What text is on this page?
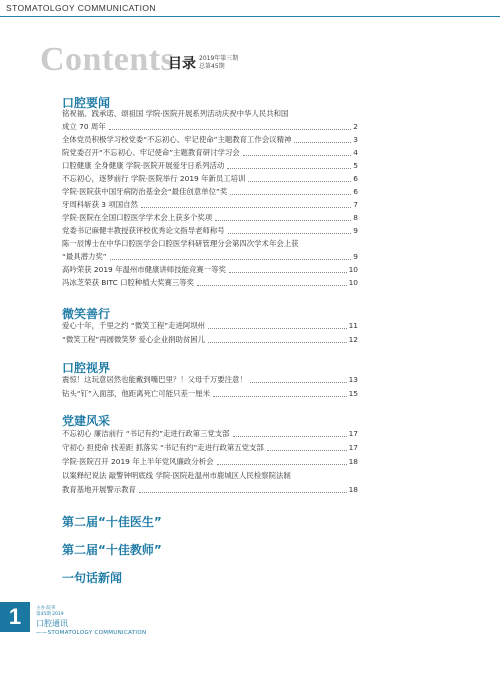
STOMATOLGOY COMMUNICATION
Contents
目录 2019年第三期
总第45期
口腔要闻
铭祝福、践承诺、颂祖国 学院·医院开展系列活动庆祝中华人民共和国
成立 70 周年	2
全体党员积极学习校党委“不忘初心、牢记使命”主题教育工作会议精神	3
院党委召开“不忘初心、牢记使命”主题教育研讨学习会	4
口腔健康 全身健康 学院·医院开展爱牙日系列活动	5
不忘初心，逐梦前行 学院·医院举行 2019 年新员工培训	6
学院·医院获中国牙病防治基金会“最佳创意单位”奖	6
牙周科斩获 3 项国自然	7
学院·医院在全国口腔医学学术会上获多个奖项	8
党委书记麻健丰教授获评校优秀论文指导老师称号	9
陈一辰博士在中华口腔医学会口腔医学科研管理分会第四次学术年会上获
“最具潜力奖”	9
高吟荣获 2019 年温州市健康讲师技能竞赛一等奖	10
冯冰芝荣获 BITC 口腔种植大奖赛三等奖	10
微笑善行
爱心十年，千里之约 “微笑工程”走进阿坝州	11
“微笑工程”再圆微笑梦 爱心企业捐助贫困儿	12
口腔视界
震惊！这玩意居然也能戴到嘴巴里？！父母千万要注意！	13
钻头“钉”入面部，他距离死亡可能只差一厘米	15
党建风采
不忘初心 廉洁前行 “书记有约”走进行政第三党支部	17
守初心 担使命 找差距 抓落实 “书记有约”走进行政第五党支部	17
学院·医院召开 2019 年上半年党风廉政分析会	18
以案释纪说法 敲警钟明底线 学院·医院赴温州市鹿城区人民检察院法制
教育基地开展警示教育	18
第二届“十佳医生”
第二届“十佳教师”
一句话新闻
1	主办 院刊
第45期 2019
口腔通讯
——STOMATOLOGY COMMUNICATION
